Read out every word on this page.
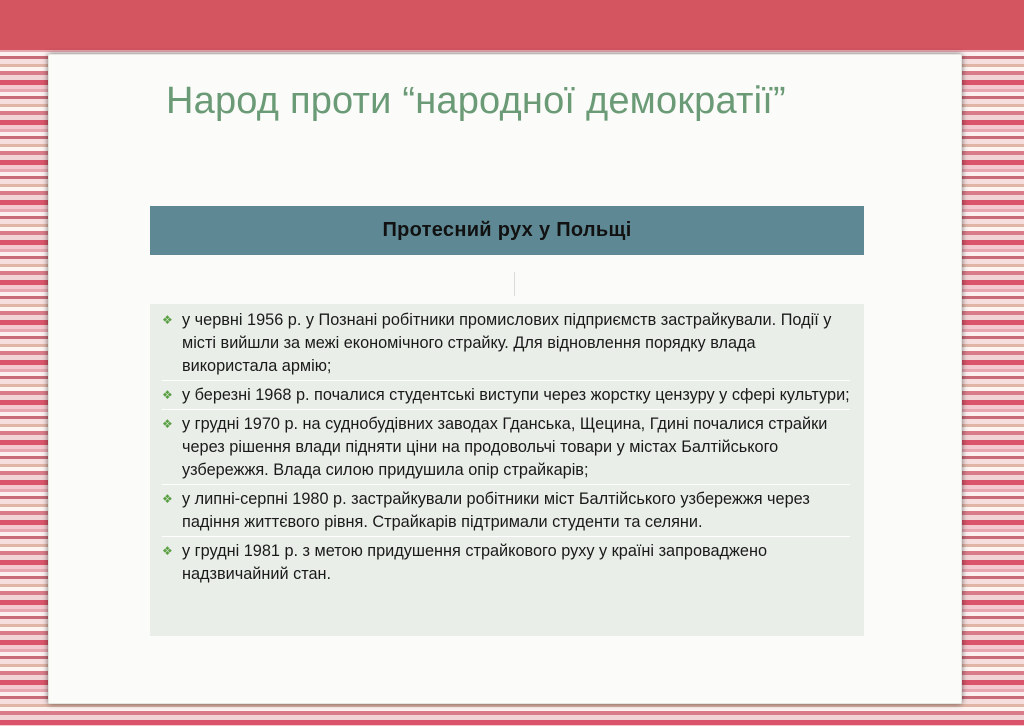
Народ проти “народної демократії”
Протесний рух у Польщі
❖ у червні 1956 р. у Познані робітники промислових підприємств застрайкували. Події у місті вийшли за межі економічного страйку. Для відновлення порядку влада використала армію;
❖ у березні 1968 р. почалися студентські виступи через жорстку цензуру у сфері культури;
❖ у грудні 1970 р. на суднобудівних заводах Гданська, Щецина, Гдині почалися страйки через рішення влади підняти ціни на продовольчі товари у містах Балтійського узбережжя. Влада силою придушила опір страйкарів;
❖ у липні-серпні 1980 р. застрайкували робітники міст Балтійського узбережжя через падіння життєвого рівня. Страйкарів підтримали студенти та селяни.
❖ у грудні 1981 р. з метою придушення страйкового руху у країні запроваджено надзвичайний стан.
